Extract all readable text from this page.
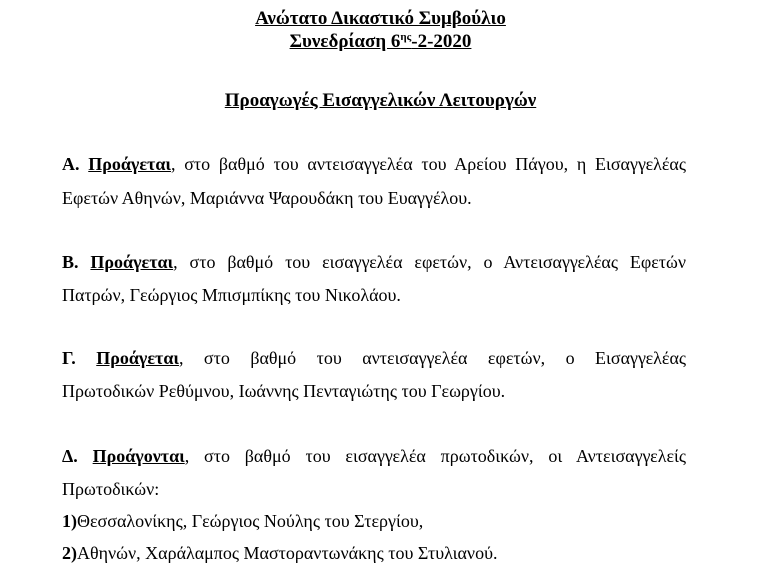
Ανώτατο Δικαστικό Συμβούλιο
Συνεδρίαση $6^{\eta\varsigma}-2-2020$
Προαγωγές Εισαγγελικών Λειτουργών
Α. Προάγεται, στο βαθμό του αντεισαγγελέα του Αρείου Πάγου, η Εισαγγελέας
Εφετών Αθηνών, Μαριάννα Ψαρουδάκη του Ευαγγέλου.
Β. Προάγεται, στο βαθμό του εισαγγελέα εφετών, ο Αντεισαγγελέας Εφετών
Πατρών, Γεώργιος Μπισμπίκης του Νικολάου.
Γ. Προάγεται, στο βαθμό του αντεισαγγελέα εφετών, ο Εισαγγελέας
Πρωτοδικών Ρεθύμνου, Ιωάννης Πενταγιώτης του Γεωργίου.
Δ. Προάγονται, στο βαθμό του εισαγγελέα πρωτοδικών, οι Αντεισαγγελείς
Πρωτοδικών:
1)Θεσσαλονίκης, Γεώργιος Νούλης του Στεργίου,
2)Αθηνών, Χαράλαμπος Μαστοραντωνάκης του Στυλιανού.
